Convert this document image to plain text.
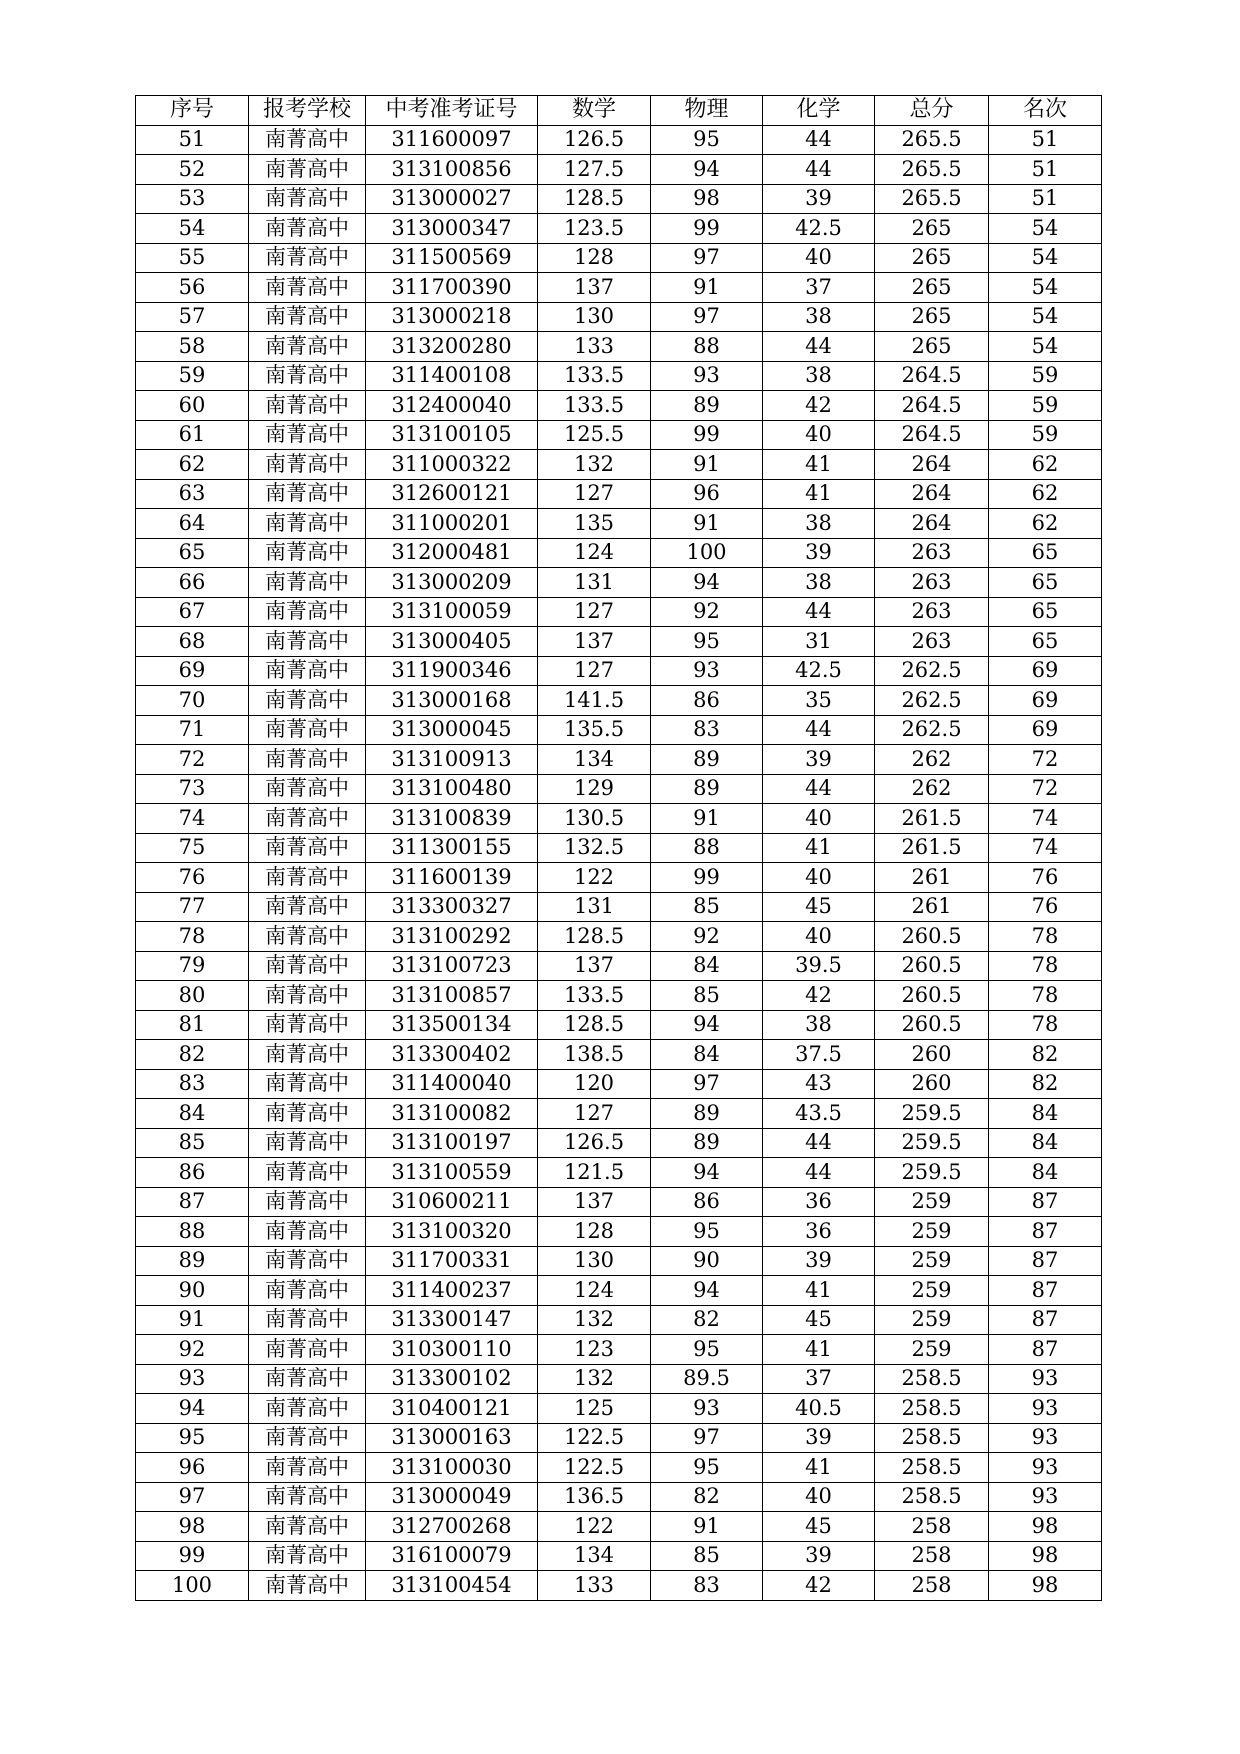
序号	报考学校	中考准考证号	数学	物理	化学	总分	名次
51	南菁高中	311600097	126.5	95	44	265.5	51
52	南菁高中	313100856	127.5	94	44	265.5	51
53	南菁高中	313000027	128.5	98	39	265.5	51
54	南菁高中	313000347	123.5	99	42.5	265	54
55	南菁高中	311500569	128	97	40	265	54
56	南菁高中	311700390	137	91	37	265	54
57	南菁高中	313000218	130	97	38	265	54
58	南菁高中	313200280	133	88	44	265	54
59	南菁高中	311400108	133.5	93	38	264.5	59
60	南菁高中	312400040	133.5	89	42	264.5	59
61	南菁高中	313100105	125.5	99	40	264.5	59
62	南菁高中	311000322	132	91	41	264	62
63	南菁高中	312600121	127	96	41	264	62
64	南菁高中	311000201	135	91	38	264	62
65	南菁高中	312000481	124	100	39	263	65
66	南菁高中	313000209	131	94	38	263	65
67	南菁高中	313100059	127	92	44	263	65
68	南菁高中	313000405	137	95	31	263	65
69	南菁高中	311900346	127	93	42.5	262.5	69
70	南菁高中	313000168	141.5	86	35	262.5	69
71	南菁高中	313000045	135.5	83	44	262.5	69
72	南菁高中	313100913	134	89	39	262	72
73	南菁高中	313100480	129	89	44	262	72
74	南菁高中	313100839	130.5	91	40	261.5	74
75	南菁高中	311300155	132.5	88	41	261.5	74
76	南菁高中	311600139	122	99	40	261	76
77	南菁高中	313300327	131	85	45	261	76
78	南菁高中	313100292	128.5	92	40	260.5	78
79	南菁高中	313100723	137	84	39.5	260.5	78
80	南菁高中	313100857	133.5	85	42	260.5	78
81	南菁高中	313500134	128.5	94	38	260.5	78
82	南菁高中	313300402	138.5	84	37.5	260	82
83	南菁高中	311400040	120	97	43	260	82
84	南菁高中	313100082	127	89	43.5	259.5	84
85	南菁高中	313100197	126.5	89	44	259.5	84
86	南菁高中	313100559	121.5	94	44	259.5	84
87	南菁高中	310600211	137	86	36	259	87
88	南菁高中	313100320	128	95	36	259	87
89	南菁高中	311700331	130	90	39	259	87
90	南菁高中	311400237	124	94	41	259	87
91	南菁高中	313300147	132	82	45	259	87
92	南菁高中	310300110	123	95	41	259	87
93	南菁高中	313300102	132	89.5	37	258.5	93
94	南菁高中	310400121	125	93	40.5	258.5	93
95	南菁高中	313000163	122.5	97	39	258.5	93
96	南菁高中	313100030	122.5	95	41	258.5	93
97	南菁高中	313000049	136.5	82	40	258.5	93
98	南菁高中	312700268	122	91	45	258	98
99	南菁高中	316100079	134	85	39	258	98
100	南菁高中	313100454	133	83	42	258	98
